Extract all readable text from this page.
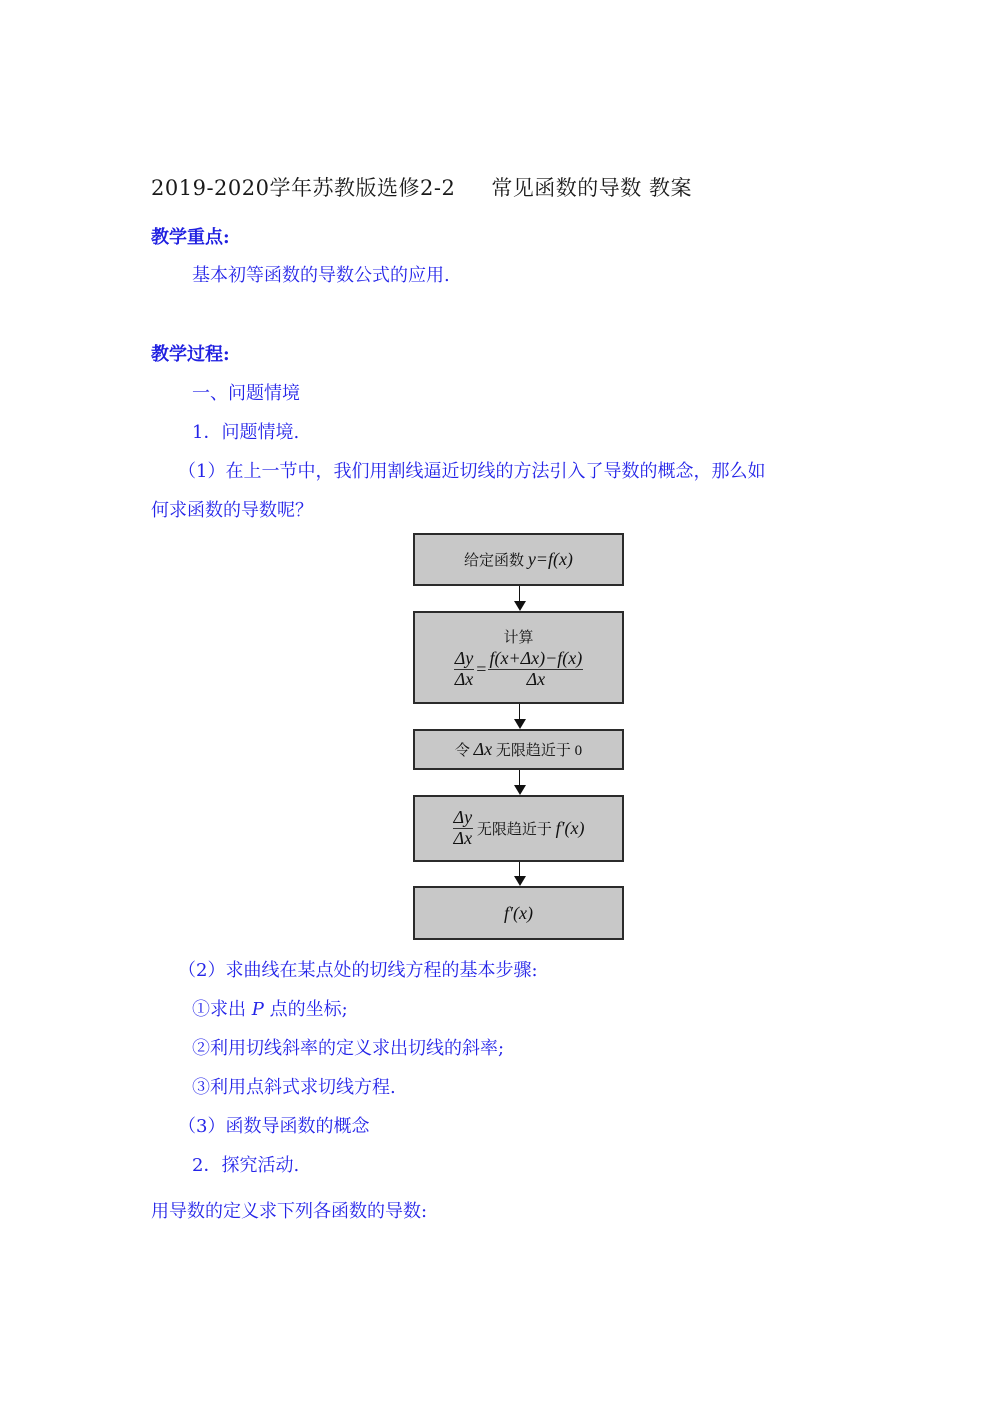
2019-2020学年苏教版选修2-2 常见函数的导数 教案
教学重点:
基本初等函数的导数公式的应用.
教学过程:
一、问题情境
1．问题情境.
（1）在上一节中，我们用割线逼近切线的方法引入了导数的概念，那么如
何求函数的导数呢？
给定函数
y=f(x)
计算
$\frac{\Delta y}{\Delta x} = \frac{f(x+\Delta x)-f(x)}{\Delta x}$
令
Δx
无限趋近于 0
$\frac{\Delta y}{\Delta x}$
无限趋近于
f′(x)
f′(x)
（2）求曲线在某点处的切线方程的基本步骤:
①求出 P 点的坐标;
②利用切线斜率的定义求出切线的斜率;
③利用点斜式求切线方程.
（3）函数导函数的概念
2．探究活动.
用导数的定义求下列各函数的导数:
